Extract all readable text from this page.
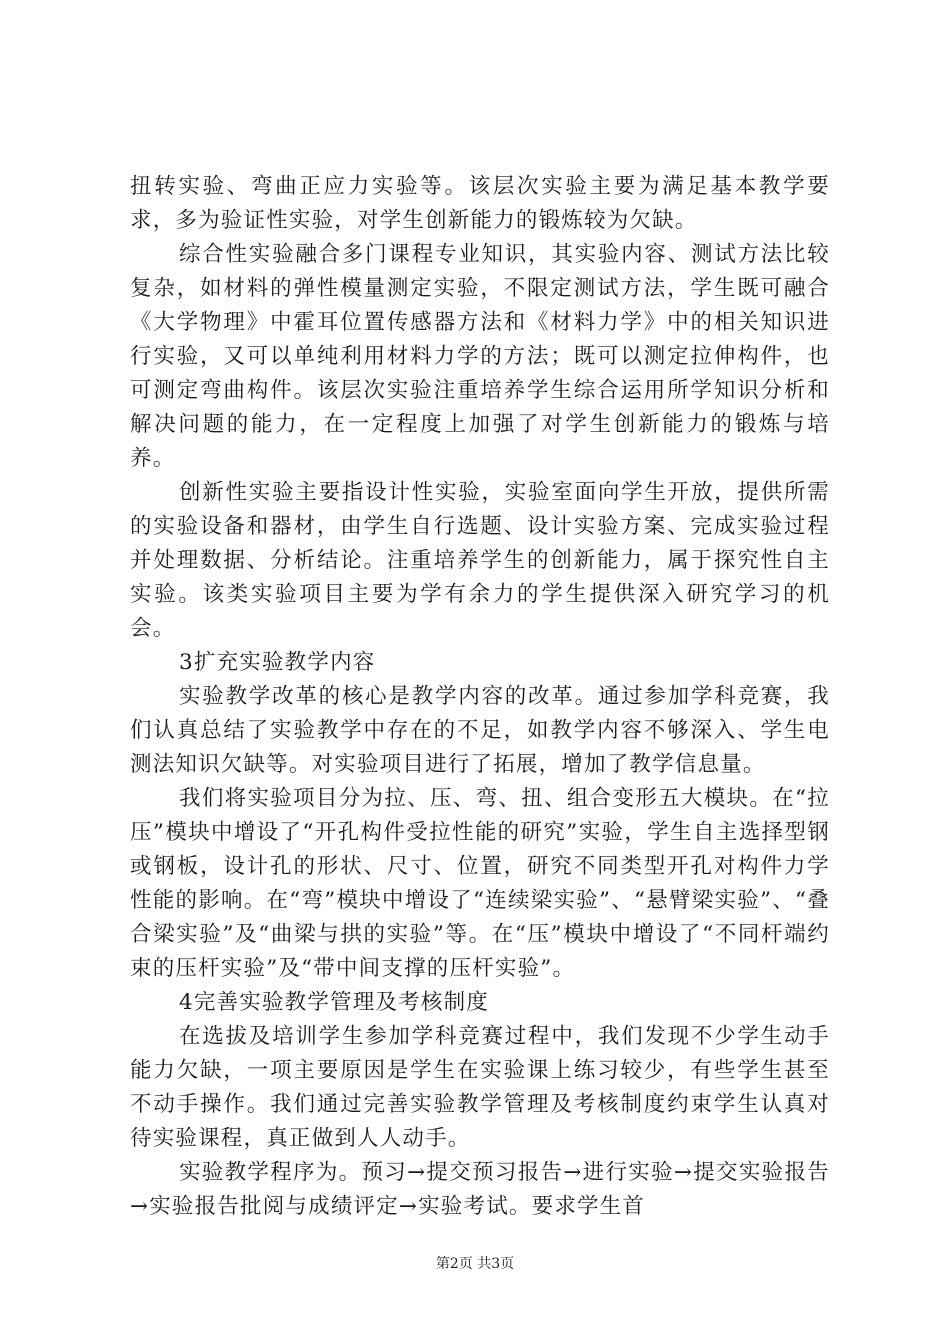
扭转实验、弯曲正应力实验等。该层次实验主要为满足基本教学要求，多为验证性实验，对学生创新能力的锻炼较为欠缺。

综合性实验融合多门课程专业知识，其实验内容、测试方法比较复杂，如材料的弹性模量测定实验，不限定测试方法，学生既可融合《大学物理》中霍耳位置传感器方法和《材料力学》中的相关知识进行实验，又可以单纯利用材料力学的方法；既可以测定拉伸构件，也可测定弯曲构件。该层次实验注重培养学生综合运用所学知识分析和解决问题的能力，在一定程度上加强了对学生创新能力的锻炼与培养。

创新性实验主要指设计性实验，实验室面向学生开放，提供所需的实验设备和器材，由学生自行选题、设计实验方案、完成实验过程并处理数据、分析结论。注重培养学生的创新能力，属于探究性自主实验。该类实验项目主要为学有余力的学生提供深入研究学习的机会。

3扩充实验教学内容

实验教学改革的核心是教学内容的改革。通过参加学科竞赛，我们认真总结了实验教学中存在的不足，如教学内容不够深入、学生电测法知识欠缺等。对实验项目进行了拓展，增加了教学信息量。

我们将实验项目分为拉、压、弯、扭、组合变形五大模块。在“拉压”模块中增设了“开孔构件受拉性能的研究”实验，学生自主选择型钢或钢板，设计孔的形状、尺寸、位置，研究不同类型开孔对构件力学性能的影响。在“弯”模块中增设了“连续梁实验”、“悬臂梁实验”、“叠合梁实验”及“曲梁与拱的实验”等。在“压”模块中增设了“不同杆端约束的压杆实验”及“带中间支撑的压杆实验”。

4完善实验教学管理及考核制度

在选拔及培训学生参加学科竞赛过程中，我们发现不少学生动手能力欠缺，一项主要原因是学生在实验课上练习较少，有些学生甚至不动手操作。我们通过完善实验教学管理及考核制度约束学生认真对待实验课程，真正做到人人动手。

实验教学程序为。预习→提交预习报告→进行实验→提交实验报告→实验报告批阅与成绩评定→实验考试。要求学生首

第2页 共3页
